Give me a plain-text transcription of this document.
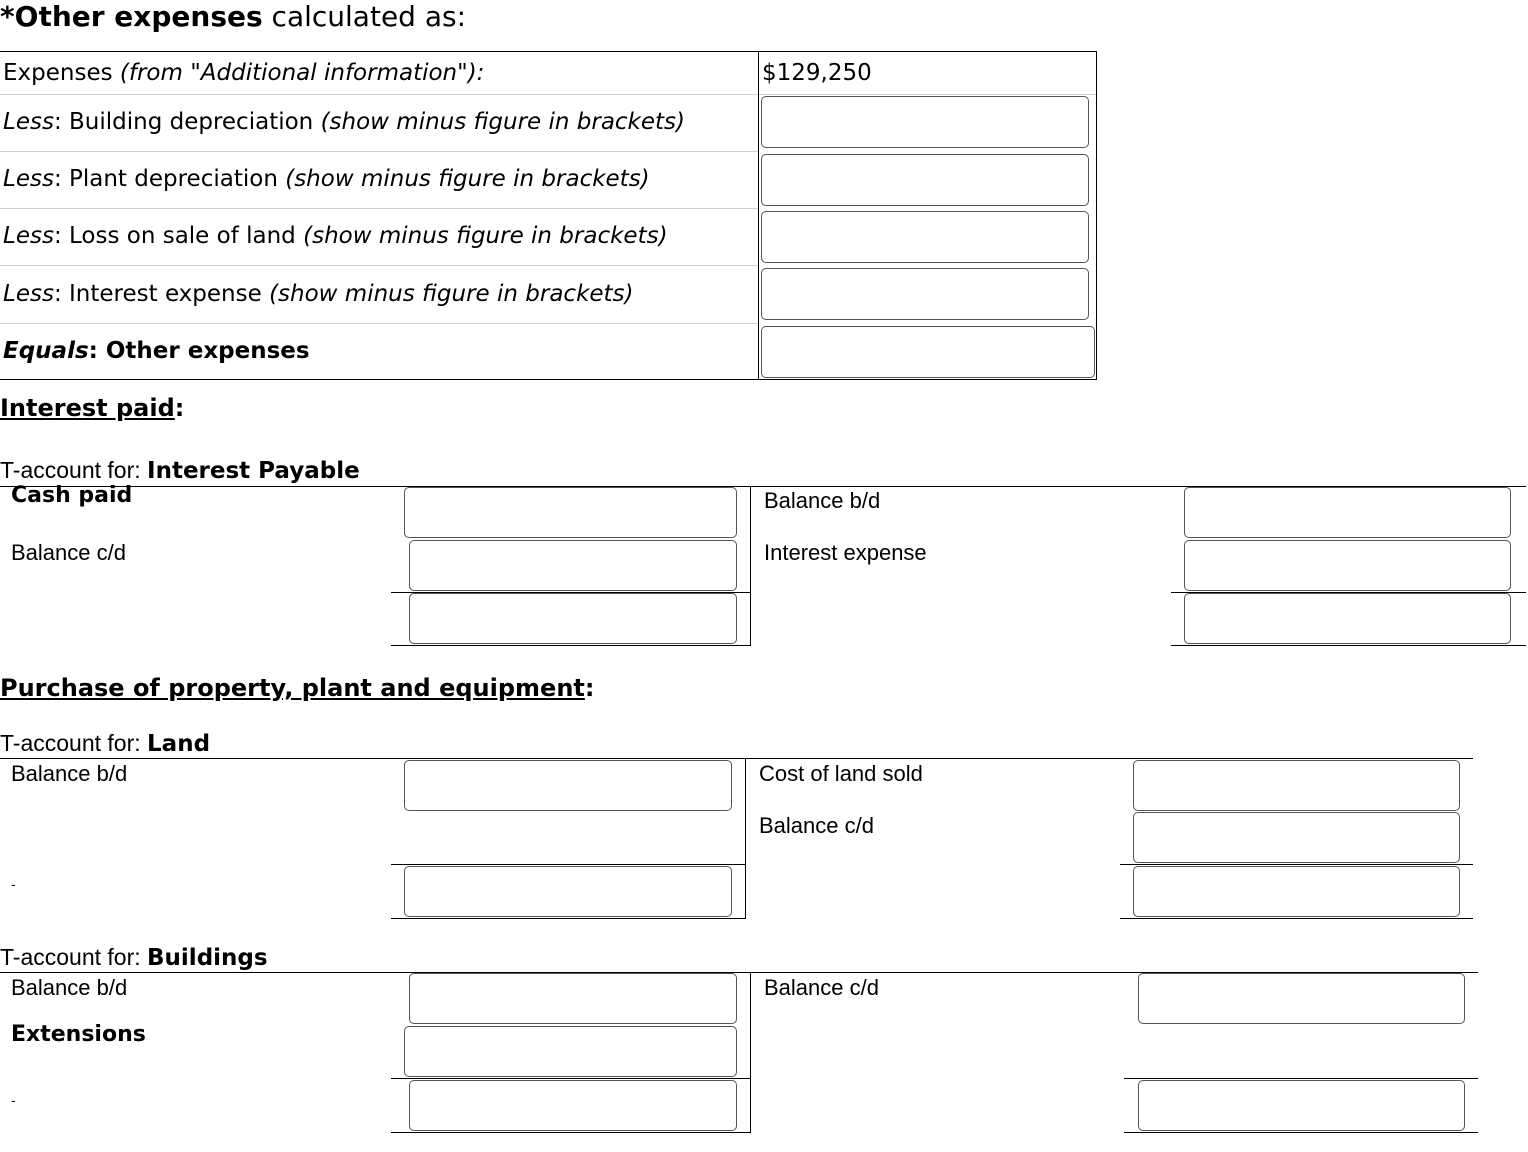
*Other expenses calculated as:
Expenses (from "Additional information"):	$129,250
Less: Building depreciation (show minus figure in brackets)
Less: Plant depreciation (show minus figure in brackets)
Less: Loss on sale of land (show minus figure in brackets)
Less: Interest expense (show minus figure in brackets)
Equals: Other expenses
Interest paid:
T-account for: Interest Payable
Cash paid
Balance c/d
Balance b/d
Interest expense
Purchase of property, plant and equipment:
T-account for: Land
Balance b/d
-
Cost of land sold
Balance c/d
T-account for: Buildings
Balance b/d
Extensions
-
Balance c/d
